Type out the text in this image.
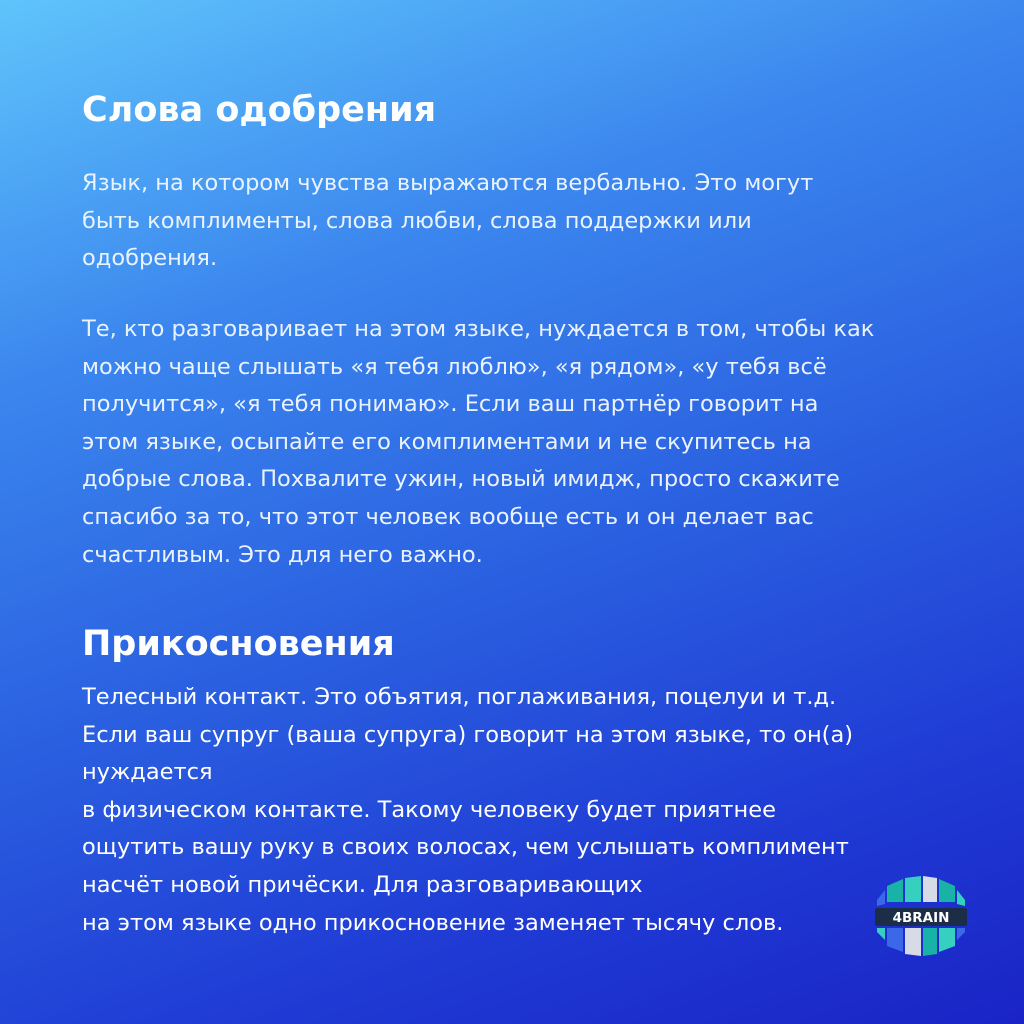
Слова одобрения

Язык, на котором чувства выражаются вербально. Это могут
быть комплименты, слова любви, слова поддержки или
одобрения.

Те, кто разговаривает на этом языке, нуждается в том, чтобы как
можно чаще слышать «я тебя люблю», «я рядом», «у тебя всё
получится», «я тебя понимаю». Если ваш партнёр говорит на
этом языке, осыпайте его комплиментами и не скупитесь на
добрые слова. Похвалите ужин, новый имидж, просто скажите
спасибо за то, что этот человек вообще есть и он делает вас
счастливым. Это для него важно.

Прикосновения

Телесный контакт. Это объятия, поглаживания, поцелуи и т.д.
Если ваш супруг (ваша супруга) говорит на этом языке, то он(а)
нуждается
в физическом контакте. Такому человеку будет приятнее
ощутить вашу руку в своих волосах, чем услышать комплимент
насчёт новой причёски. Для разговаривающих
на этом языке одно прикосновение заменяет тысячу слов.	4BRAIN
